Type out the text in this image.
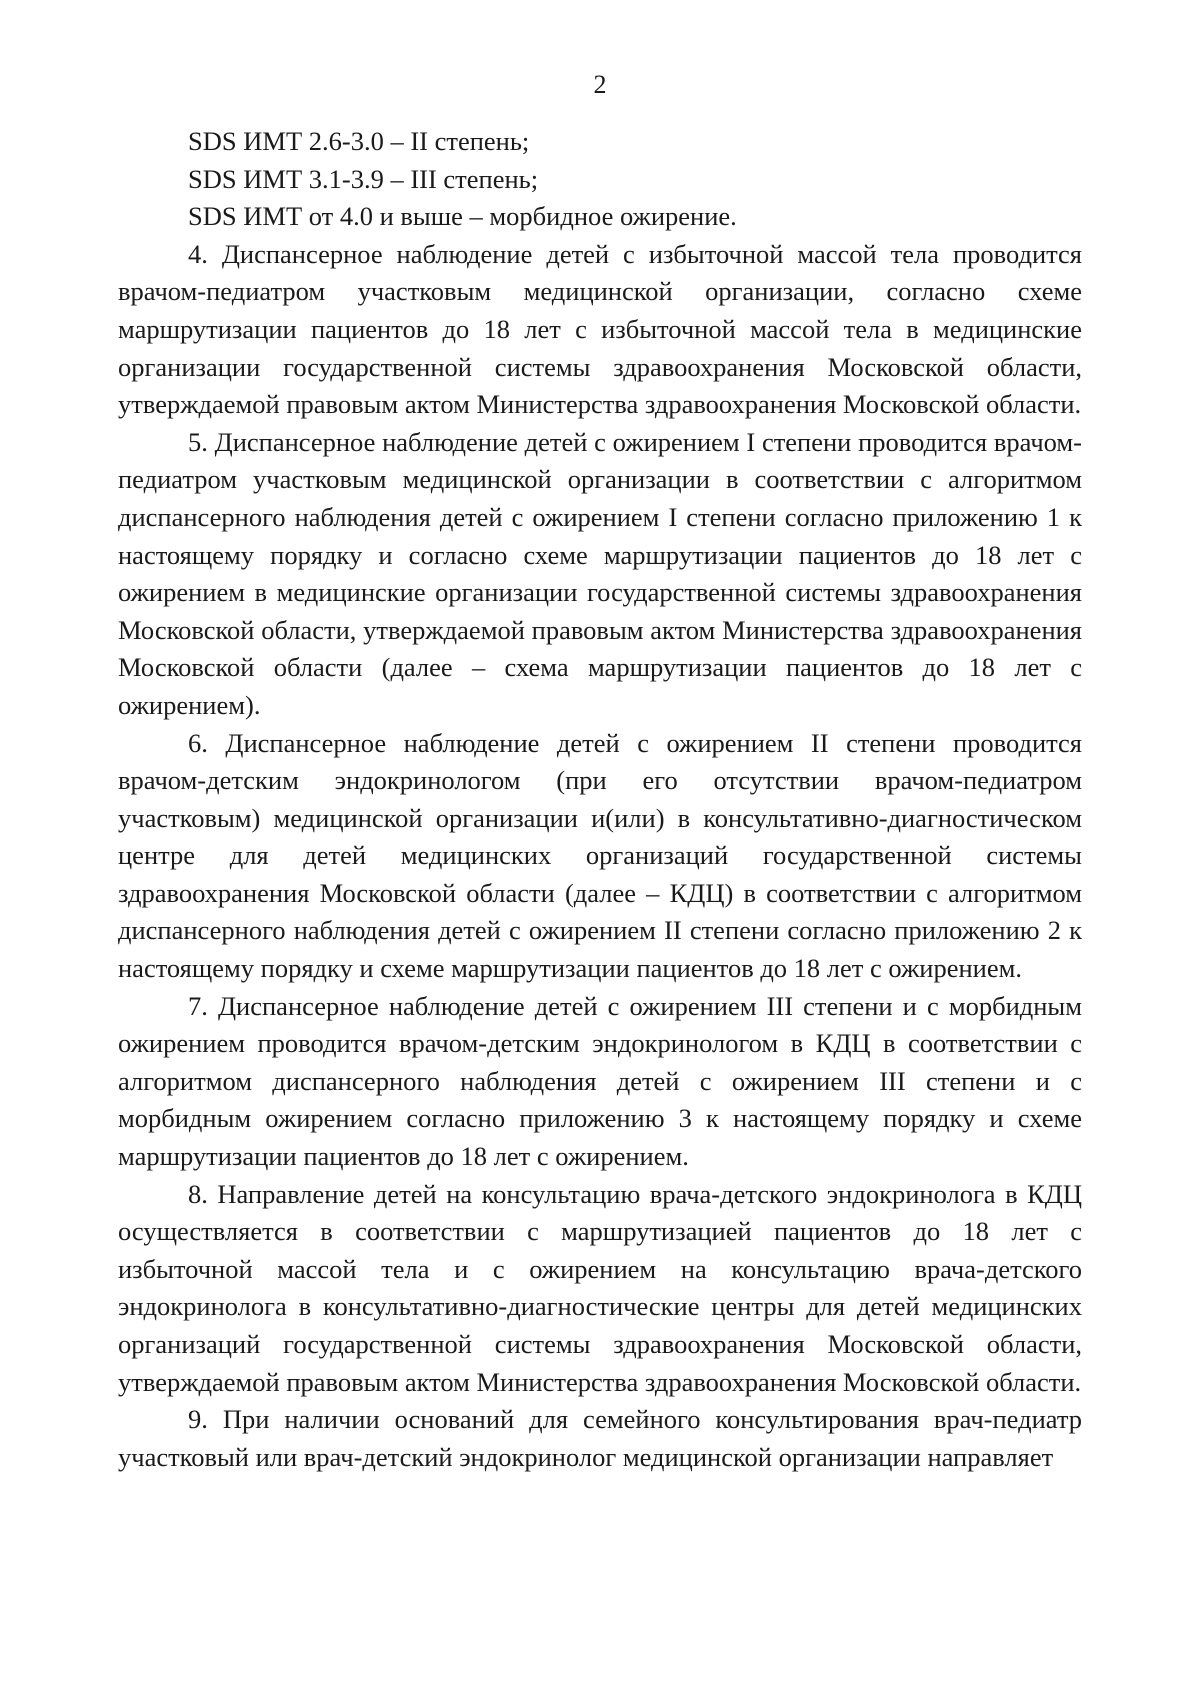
2

SDS ИМТ 2.6-3.0 – II степень;

SDS ИМТ 3.1-3.9 – III степень;

SDS ИМТ от 4.0 и выше – морбидное ожирение.

4. Диспансерное наблюдение детей с избыточной массой тела проводится врачом-педиатром участковым медицинской организации, согласно схеме маршрутизации пациентов до 18 лет с избыточной массой тела в медицинские организации государственной системы здравоохранения Московской области, утверждаемой правовым актом Министерства здравоохранения Московской области.

5. Диспансерное наблюдение детей с ожирением I степени проводится врачом-педиатром участковым медицинской организации в соответствии с алгоритмом диспансерного наблюдения детей с ожирением I степени согласно приложению 1 к настоящему порядку и согласно схеме маршрутизации пациентов до 18 лет с ожирением в медицинские организации государственной системы здравоохранения Московской области, утверждаемой правовым актом Министерства здравоохранения Московской области (далее – схема маршрутизации пациентов до 18 лет с ожирением).

6. Диспансерное наблюдение детей с ожирением II степени проводится врачом-детским эндокринологом (при его отсутствии врачом-педиатром участковым) медицинской организации и(или) в консультативно-диагностическом центре для детей медицинских организаций государственной системы здравоохранения Московской области (далее – КДЦ) в соответствии с алгоритмом диспансерного наблюдения детей с ожирением II степени согласно приложению 2 к настоящему порядку и схеме маршрутизации пациентов до 18 лет с ожирением.

7. Диспансерное наблюдение детей с ожирением III степени и с морбидным ожирением проводится врачом-детским эндокринологом в КДЦ в соответствии с алгоритмом диспансерного наблюдения детей с ожирением III степени и с морбидным ожирением согласно приложению 3 к настоящему порядку и схеме маршрутизации пациентов до 18 лет с ожирением.

8. Направление детей на консультацию врача-детского эндокринолога в КДЦ осуществляется в соответствии с маршрутизацией пациентов до 18 лет с избыточной массой тела и с ожирением на консультацию врача-детского эндокринолога в консультативно-диагностические центры для детей медицинских организаций государственной системы здравоохранения Московской области, утверждаемой правовым актом Министерства здравоохранения Московской области.

9. При наличии оснований для семейного консультирования врач-педиатр участковый или врач-детский эндокринолог медицинской организации направляет
